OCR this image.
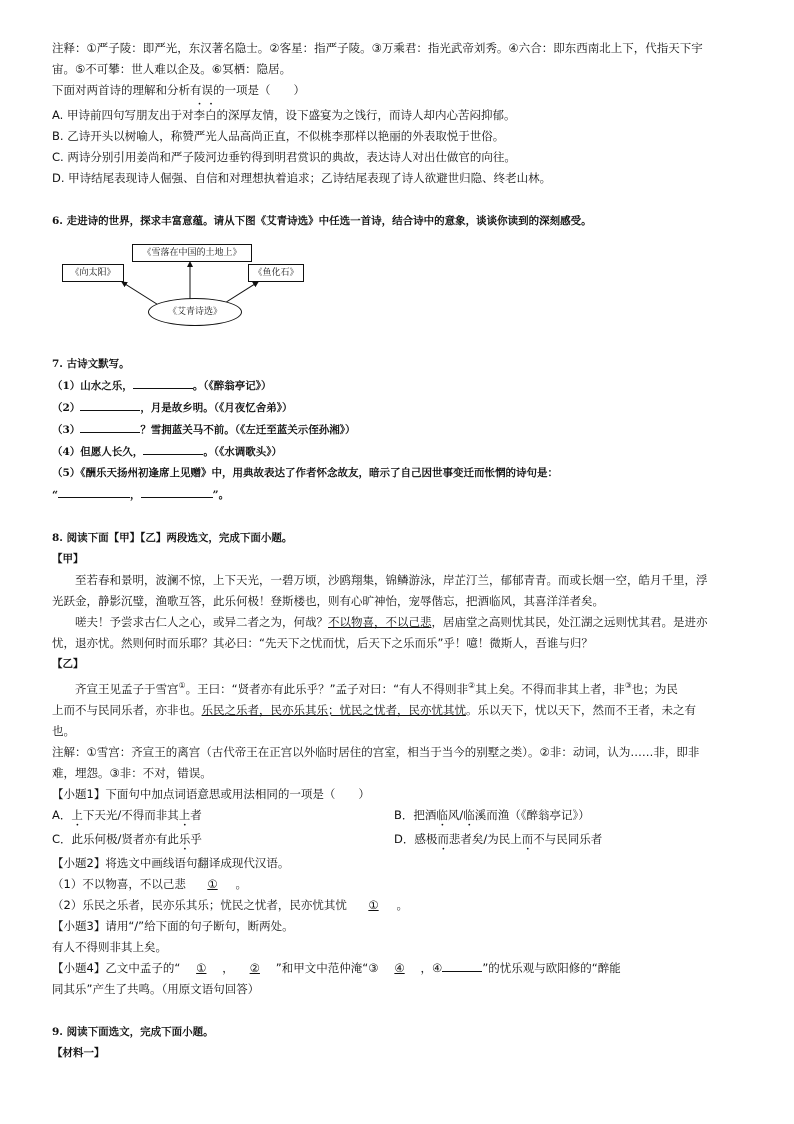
注释：①严子陵：即严光，东汉著名隐士。②客星：指严子陵。③万乘君：指光武帝刘秀。④六合：即东西南北上下，代指天下宇
宙。⑤不可攀：世人难以企及。⑥冥栖：隐居。
下面对两首诗的理解和分析有误的一项是（　　）
A. 甲诗前四句写朋友出于对李白的深厚友情，设下盛宴为之饯行，而诗人却内心苦闷抑郁。
B. 乙诗开头以树喻人，称赞严光人品高尚正直，不似桃李那样以艳丽的外表取悦于世俗。
C. 两诗分别引用姜尚和严子陵河边垂钓得到明君赏识的典故，表达诗人对出仕做官的向往。
D. 甲诗结尾表现诗人倔强、自信和对理想执着追求；乙诗结尾表现了诗人欲避世归隐、终老山林。
6. 走进诗的世界，探求丰富意蕴。请从下图《艾青诗选》中任选一首诗，结合诗中的意象，谈谈你读到的深刻感受。
《雪落在中国的土地上》
《向太阳》	《鱼化石》
《艾青诗选》
7. 古诗文默写。
（1）山水之乐，	。（《醉翁亭记》）
（2）	，月是故乡明。（《月夜忆舍弟》）
（3）	？雪拥蓝关马不前。（《左迁至蓝关示侄孙湘》）
（4）但愿人长久，	。（《水调歌头》）
（5）《酬乐天扬州初逢席上见赠》中，用典故表达了作者怀念故友，暗示了自己因世事变迁而怅惘的诗句是：
“	，	”。
8. 阅读下面【甲】【乙】两段选文，完成下面小题。
【甲】
至若春和景明，波澜不惊，上下天光，一碧万顷，沙鸥翔集，锦鳞游泳，岸芷汀兰，郁郁青青。而或长烟一空，皓月千里，浮
光跃金，静影沉璧，渔歌互答，此乐何极！登斯楼也，则有心旷神怡，宠辱偕忘，把酒临风，其喜洋洋者矣。
嗟夫！予尝求古仁人之心，或异二者之为，何哉？不以物喜，不以己悲，居庙堂之高则忧其民，处江湖之远则忧其君。是进亦
忧，退亦忧。然则何时而乐耶？其必曰：“先天下之忧而忧，后天下之乐而乐”乎！噫！微斯人，吾谁与归？
【乙】
齐宣王见孟子于雪宫①。王曰：“贤者亦有此乐乎？”孟子对曰：“有人不得则非②其上矣。不得而非其上者，非③也；为民
上而不与民同乐者，亦非也。乐民之乐者，民亦乐其乐；忧民之忧者，民亦忧其忧。乐以天下，忧以天下，然而不王者，未之有
也。
注解：①雪宫：齐宣王的离宫（古代帝王在正宫以外临时居住的宫室，相当于当今的别墅之类）。②非：动词，认为……非，即非
难，埋怨。③非：不对，错误。
【小题1】下面句中加点词语意思或用法相同的一项是（　　）
A．上下天光/不得而非其上者	B．把酒临风/临溪而渔（《醉翁亭记》）
C．此乐何极/贤者亦有此乐乎	D．感极而悲者矣/为民上而不与民同乐者
【小题2】将选文中画线语句翻译成现代汉语。
（1）不以物喜，不以己悲 ① 。
（2）乐民之乐者，民亦乐其乐；忧民之忧者，民亦忧其忧 ① 。
【小题3】请用“/”给下面的句子断句，断两处。
有人不得则非其上矣。
【小题4】乙文中孟子的“ ① ， ② ”和甲文中范仲淹“③ ④ ，④	”的忧乐观与欧阳修的“醉能
同其乐”产生了共鸣。（用原文语句回答）
9. 阅读下面选文，完成下面小题。
【材料一】
